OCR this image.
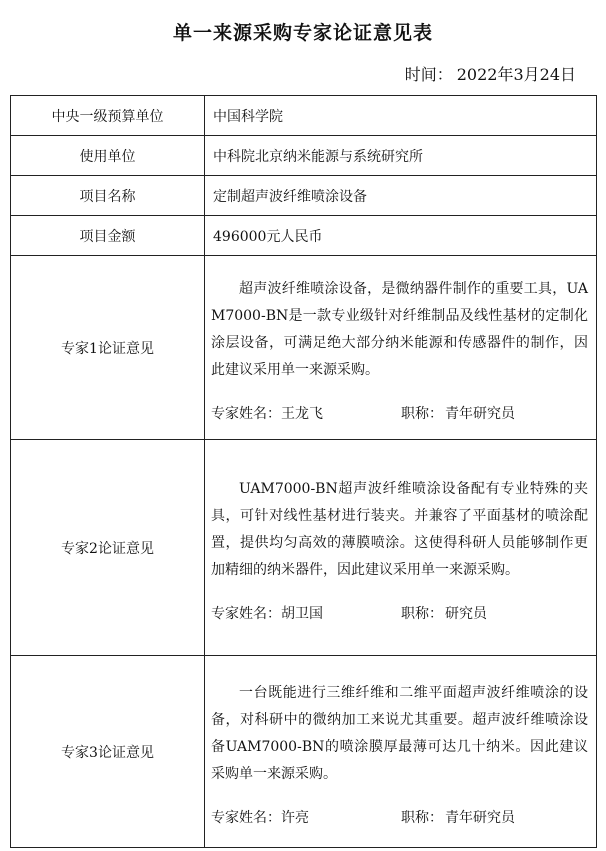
单一来源采购专家论证意见表
时间： 2022年3月24日
中央一级预算单位	中国科学院
使用单位	中科院北京纳米能源与系统研究所
项目名称	定制超声波纤维喷涂设备
项目金额	496000元人民币
专家1论证意见	超声波纤维喷涂设备，是微纳器件制作的重要工具，UAM7000-BN是一款专业级针对纤维制品及线性基材的定制化涂层设备，可满足绝大部分纳米能源和传感器件的制作，因此建议采用单一来源采购。

专家姓名：王龙飞 职称： 青年研究员

专家2论证意见	UAM7000-BN超声波纤维喷涂设备配有专业特殊的夹具，可针对线性基材进行装夹。并兼容了平面基材的喷涂配置，提供均匀高效的薄膜喷涂。这使得科研人员能够制作更加精细的纳米器件，因此建议采用单一来源采购。

专家姓名：胡卫国 职称： 研究员

专家3论证意见	一台既能进行三维纤维和二维平面超声波纤维喷涂的设备，对科研中的微纳加工来说尤其重要。超声波纤维喷涂设备UAM7000-BN的喷涂膜厚最薄可达几十纳米。因此建议采购单一来源采购。

专家姓名：许亮 职称： 青年研究员
